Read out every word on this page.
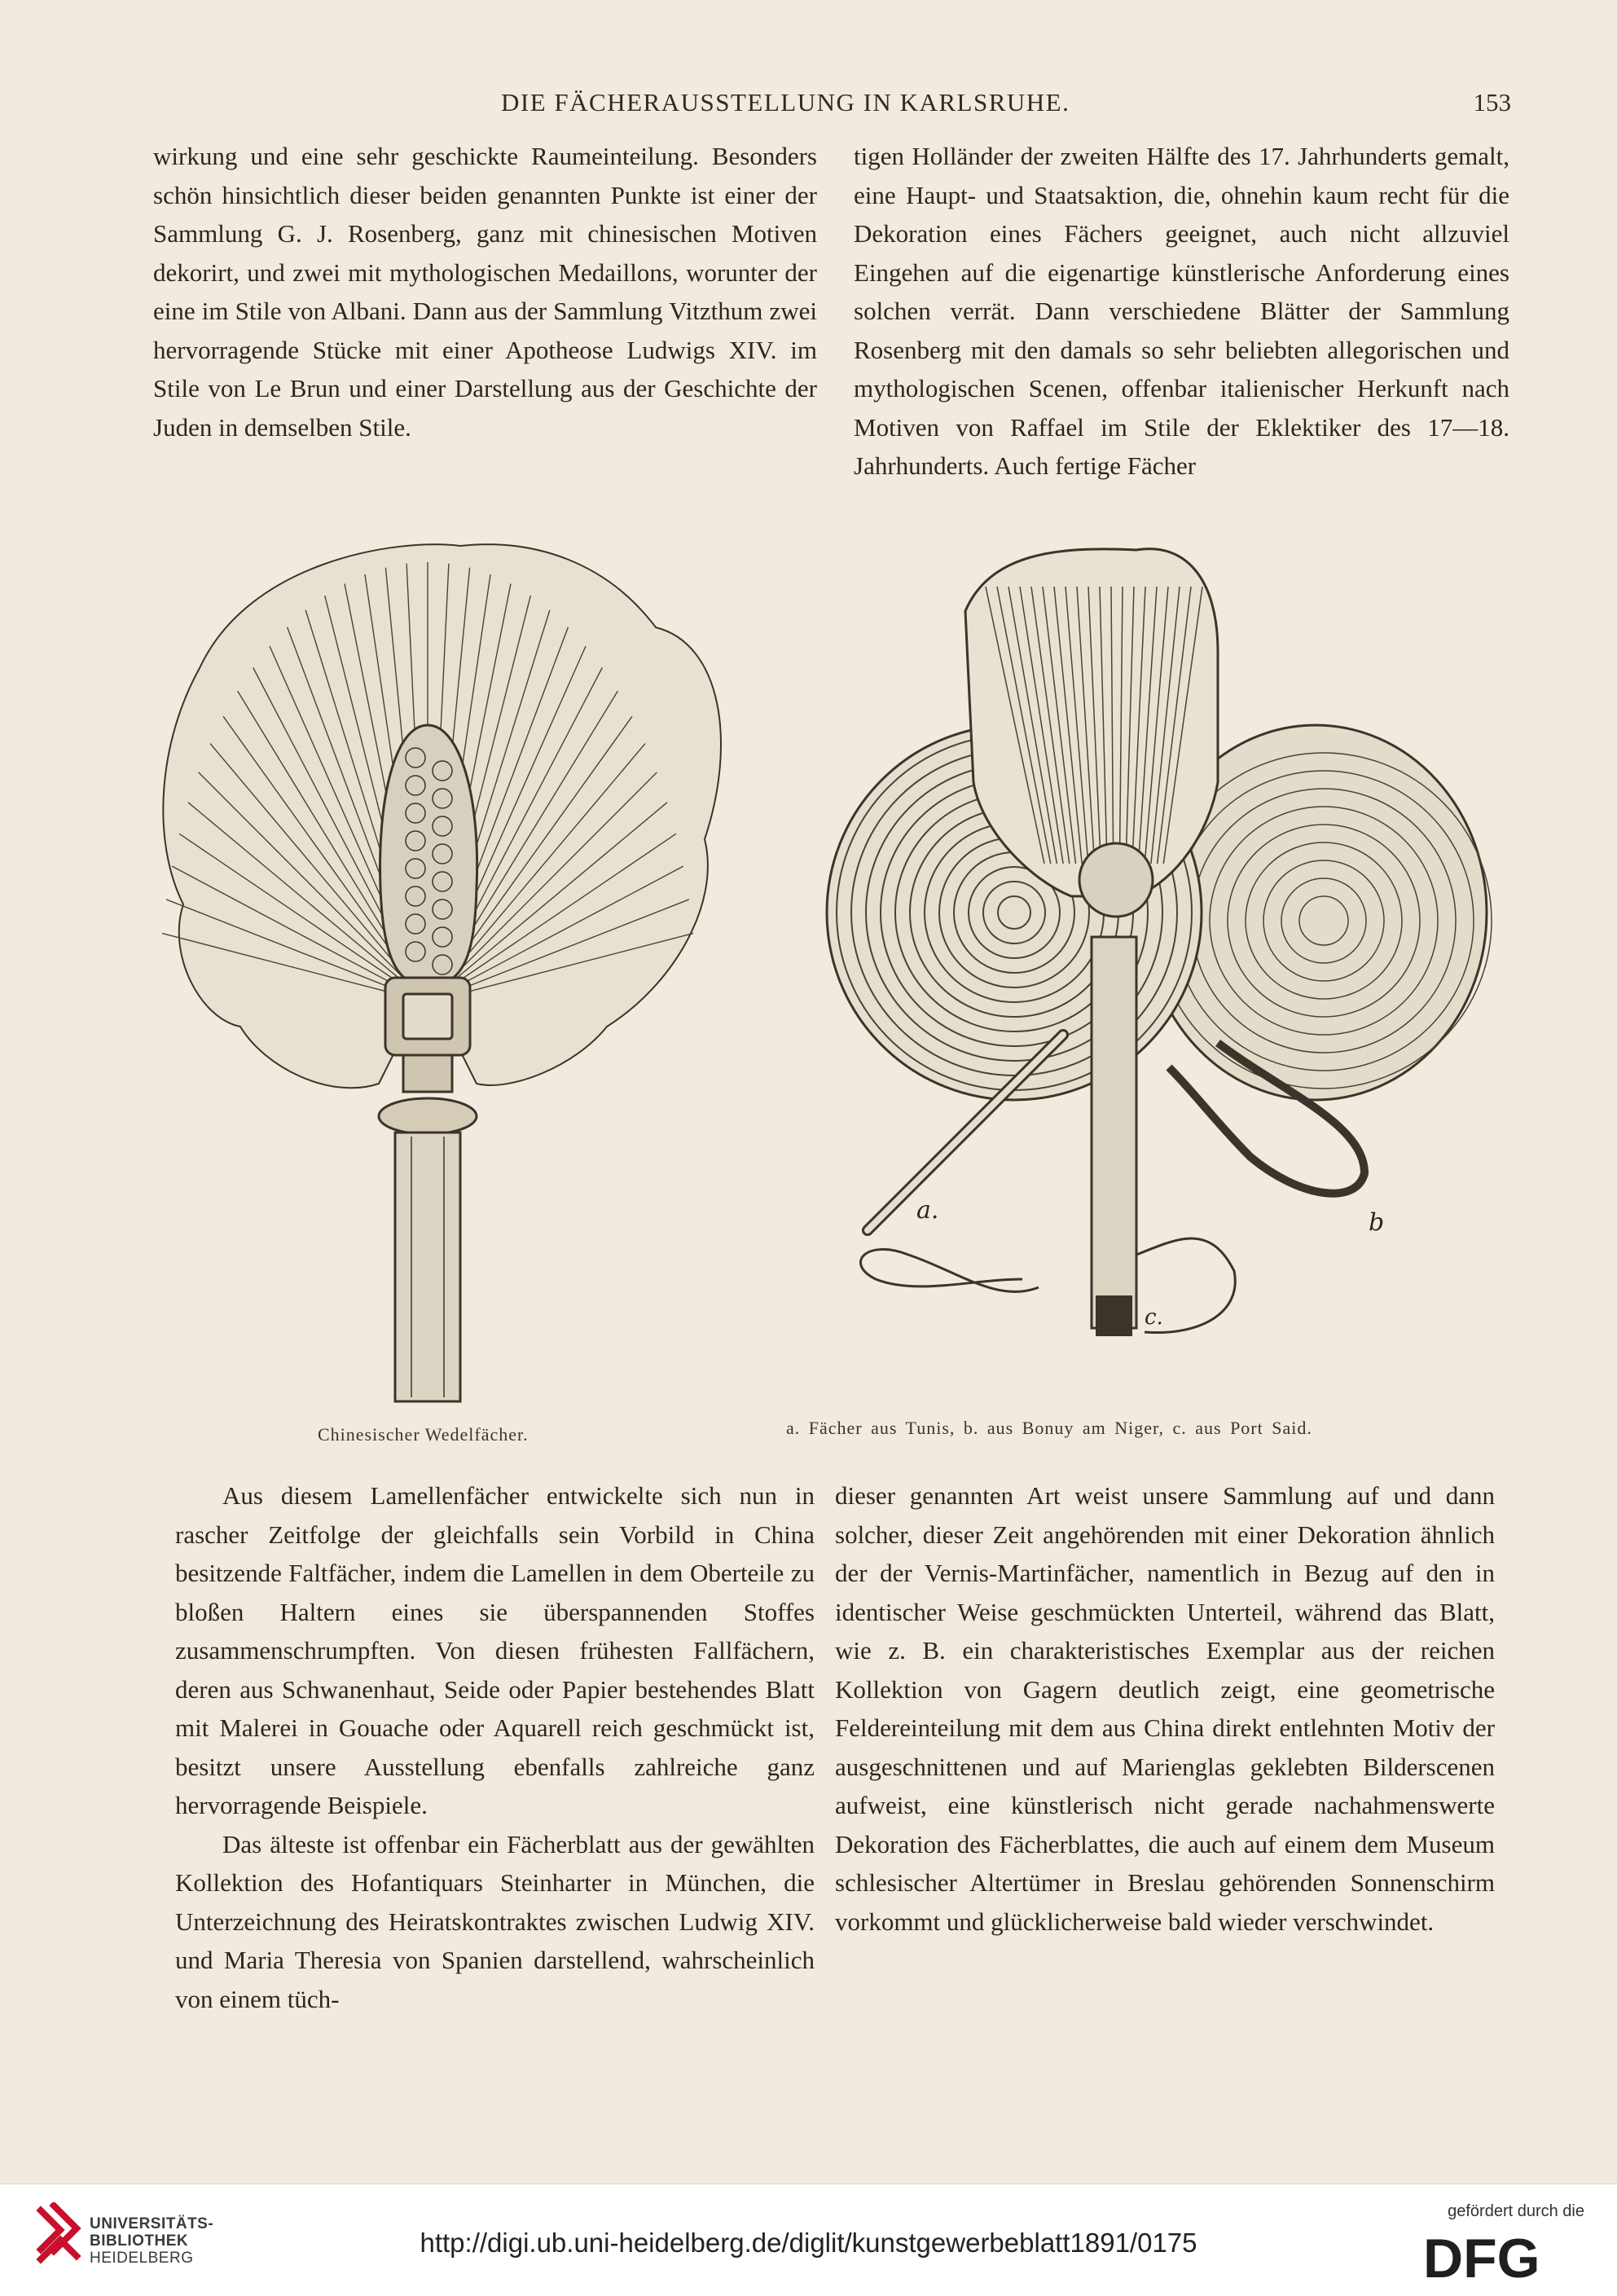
DIE FÄCHERAUSSTELLUNG IN KARLSRUHE.	153

wirkung und eine sehr geschickte Raumeinteilung. Besonders schön hinsichtlich dieser beiden genannten Punkte ist einer der Sammlung G. J. Rosenberg, ganz mit chinesischen Motiven dekorirt, und zwei mit mythologischen Medaillons, worunter der eine im Stile von Albani. Dann aus der Sammlung Vitzthum zwei hervorragende Stücke mit einer Apotheose Ludwigs XIV. im Stile von Le Brun und einer Darstellung aus der Geschichte der Juden in demselben Stile.

tigen Holländer der zweiten Hälfte des 17. Jahrhunderts gemalt, eine Haupt- und Staatsaktion, die, ohnehin kaum recht für die Dekoration eines Fächers geeignet, auch nicht allzuviel Eingehen auf die eigenartige künstlerische Anforderung eines solchen verrät. Dann verschiedene Blätter der Sammlung Rosenberg mit den damals so sehr beliebten allegorischen und mythologischen Scenen, offenbar italienischer Herkunft nach Motiven von Raffael im Stile der Eklektiker des 17—18. Jahrhunderts. Auch fertige Fächer

a.	b
c.
Chinesischer Wedelfächer.	a. Fächer aus Tunis, b. aus Bonuy am Niger, c. aus Port Said.

Aus diesem Lamellenfächer entwickelte sich nun in rascher Zeitfolge der gleichfalls sein Vorbild in China besitzende Faltfächer, indem die Lamellen in dem Oberteile zu bloßen Haltern eines sie überspannenden Stoffes zusammenschrumpften. Von diesen frühesten Fallfächern, deren aus Schwanenhaut, Seide oder Papier bestehendes Blatt mit Malerei in Gouache oder Aquarell reich geschmückt ist, besitzt unsere Ausstellung ebenfalls zahlreiche ganz hervorragende Beispiele.

Das älteste ist offenbar ein Fächerblatt aus der gewählten Kollektion des Hofantiquars Steinharter in München, die Unterzeichnung des Heiratskontraktes zwischen Ludwig XIV. und Maria Theresia von Spanien darstellend, wahrscheinlich von einem tüch-

dieser genannten Art weist unsere Sammlung auf und dann solcher, dieser Zeit angehörenden mit einer Dekoration ähnlich der der Vernis-Martinfächer, namentlich in Bezug auf den in identischer Weise geschmückten Unterteil, während das Blatt, wie z. B. ein charakteristisches Exemplar aus der reichen Kollektion von Gagern deutlich zeigt, eine geometrische Feldereinteilung mit dem aus China direkt entlehnten Motiv der ausgeschnittenen und auf Marienglas geklebten Bilderscenen aufweist, eine künstlerisch nicht gerade nachahmenswerte Dekoration des Fächerblattes, die auch auf einem dem Museum schlesischer Altertümer in Breslau gehörenden Sonnenschirm vorkommt und glücklicherweise bald wieder verschwindet.

UNIVERSITÄTS-
BIBLIOTHEK
HEIDELBERG
http://digi.ub.uni-heidelberg.de/diglit/kunstgewerbeblatt1891/0175
gefördert durch die
DFG
